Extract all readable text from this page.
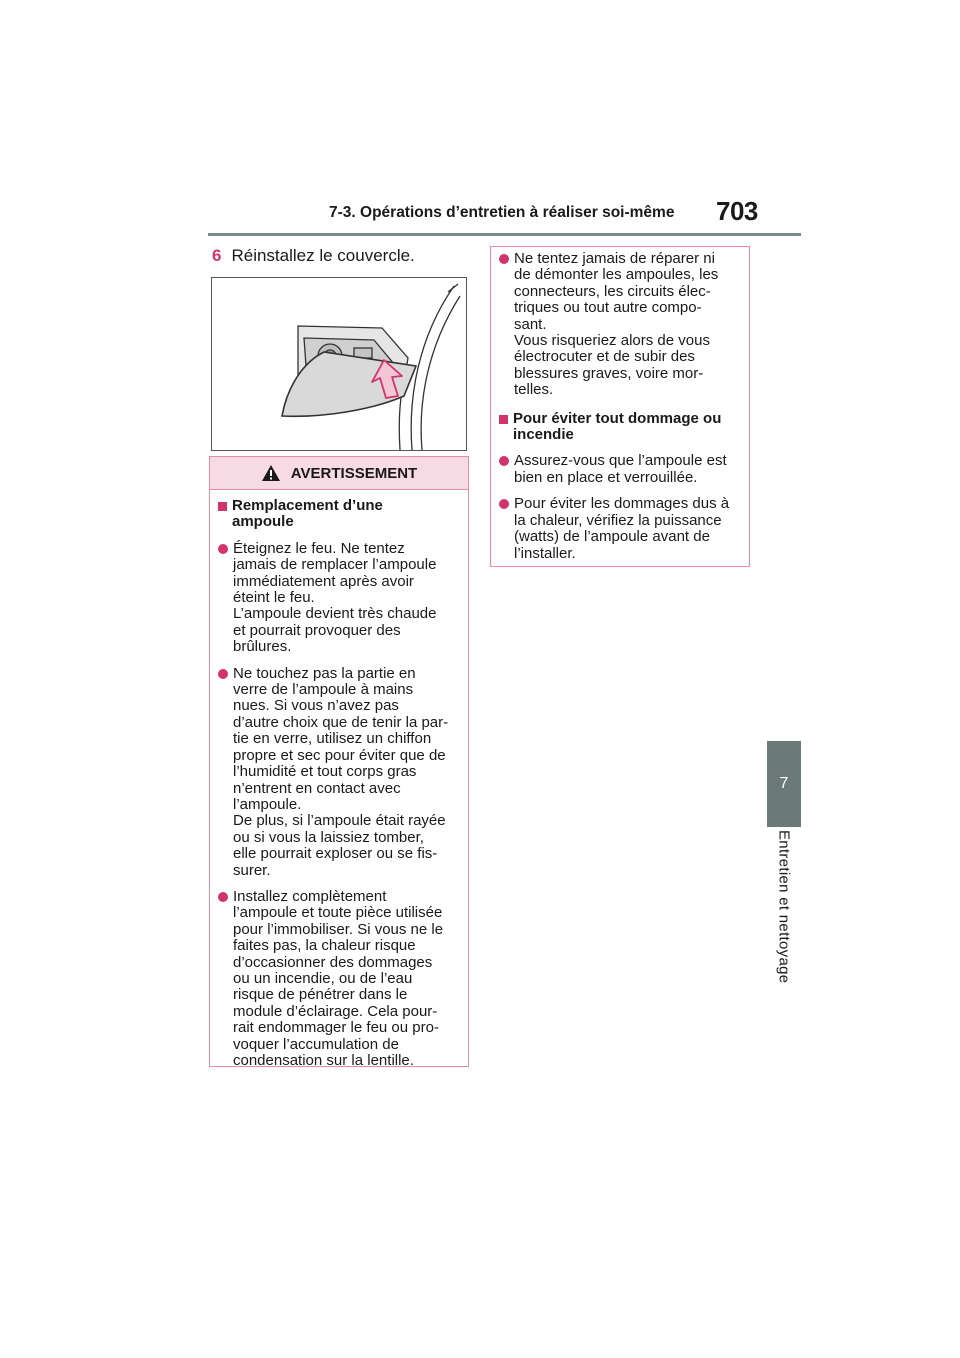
7-3. Opérations d’entretien à réaliser soi-même 703
7
Entretien et nettoyage
6 Réinstallez le couvercle.
AVERTISSEMENT
Remplacement d’une
ampoule
Éteignez le feu. Ne tentez
jamais de remplacer l’ampoule
immédiatement après avoir
éteint le feu.
L’ampoule devient très chaude
et pourrait provoquer des
brûlures.
Ne touchez pas la partie en
verre de l’ampoule à mains
nues. Si vous n’avez pas
d’autre choix que de tenir la par-
tie en verre, utilisez un chiffon
propre et sec pour éviter que de
l’humidité et tout corps gras
n’entrent en contact avec
l’ampoule.
De plus, si l’ampoule était rayée
ou si vous la laissiez tomber,
elle pourrait exploser ou se fis-
surer.
Installez complètement
l’ampoule et toute pièce utilisée
pour l’immobiliser. Si vous ne le
faites pas, la chaleur risque
d’occasionner des dommages
ou un incendie, ou de l’eau
risque de pénétrer dans le
module d’éclairage. Cela pour-
rait endommager le feu ou pro-
voquer l’accumulation de
condensation sur la lentille.
Ne tentez jamais de réparer ni
de démonter les ampoules, les
connecteurs, les circuits élec-
triques ou tout autre compo-
sant.
Vous risqueriez alors de vous
électrocuter et de subir des
blessures graves, voire mor-
telles.
Pour éviter tout dommage ou
incendie
Assurez-vous que l’ampoule est
bien en place et verrouillée.
Pour éviter les dommages dus à
la chaleur, vérifiez la puissance
(watts) de l’ampoule avant de
l’installer.
